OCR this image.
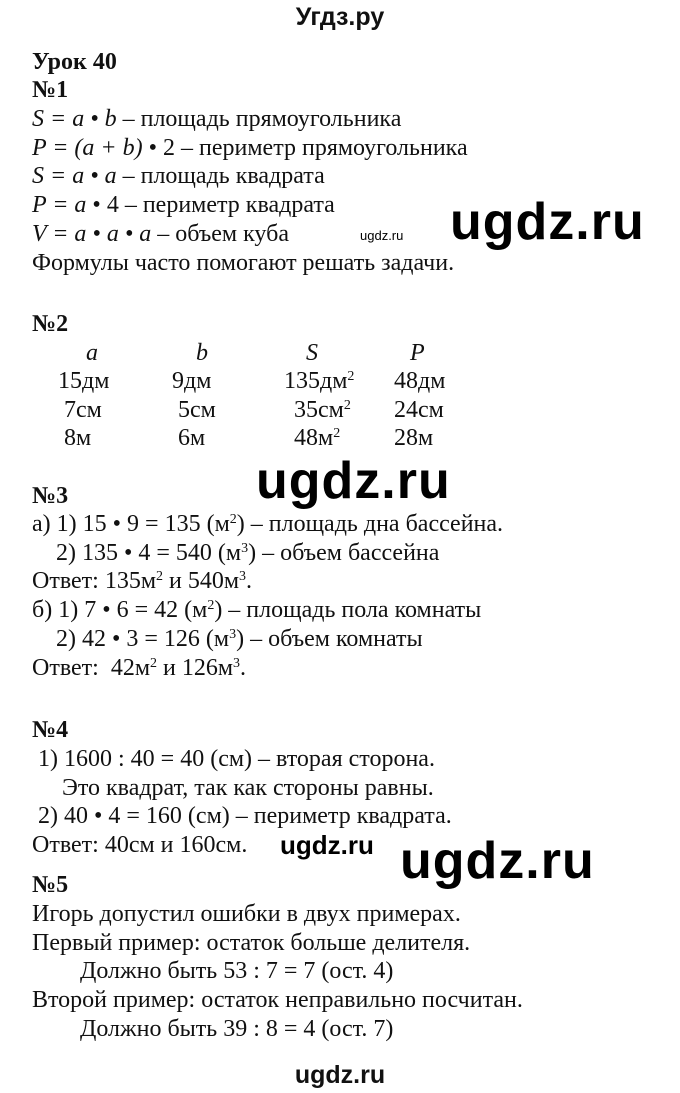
Угдз.ру
Урок 40
№1
S = a • b – площадь прямоугольника
P = (a + b) • 2 – периметр прямоугольника
S = a • a – площадь квадрата
P = a • 4 – периметр квадрата
V = a • a • a – объем куба
Формулы часто помогают решать задачи.
№2
a	b	S	P
15дм	9дм	$135дм^2$ 48дм
7см	5см	$35см^2$ 24см
8м	6м	$48м^2$ 28м
№3
а) 1) 15 • 9 = 135 $(м^2)$ – площадь дна бассейна.
2) 135 • 4 = 540 $(м^3)$ – объем бассейна
Ответ: $135м^2$ и $540м^3$.
б) 1) 7 • 6 = 42 $(м^2)$ – площадь пола комнаты
2) 42 • 3 = 126 $(м^3)$ – объем комнаты
Ответ:  $42м^2$ и $126м^3$.
№4
1) 1600 : 40 = 40 (см) – вторая сторона.
Это квадрат, так как стороны равны.
2) 40 • 4 = 160 (см) – периметр квадрата.
Ответ: 40см и 160см.
№5
Игорь допустил ошибки в двух примерах.
Первый пример: остаток больше делителя.
Должно быть 53 : 7 = 7 (ост. 4)
Второй пример: остаток неправильно посчитан.
Должно быть 39 : 8 = 4 (ост. 7)
ugdz.ru ugdz.ru
ugdz.ru
ugdz.ru
ugdz.ru
ugdz.ru
